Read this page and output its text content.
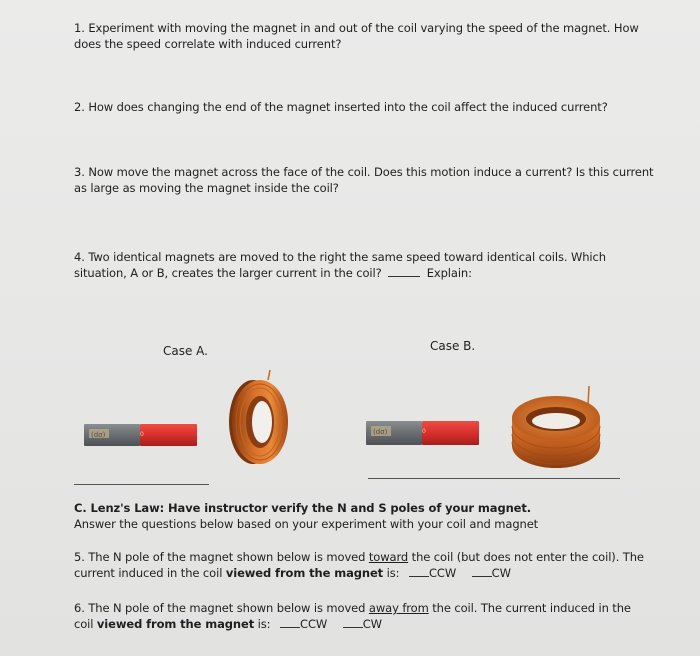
1. Experiment with moving the magnet in and out of the coil varying the speed of the magnet. How
does the speed correlate with induced current?
2. How does changing the end of the magnet inserted into the coil affect the induced current?
3. Now move the magnet across the face of the coil. Does this motion induce a current? Is this current
as large as moving the magnet inside the coil?
4. Two identical magnets are moved to the right the same speed toward identical coils. Which
situation, A or B, creates the larger current in the coil?	Explain:
Case A.	Case B.
(dσ)	0	(dσ)	0
C. Lenz's Law: Have instructor verify the N and S poles of your magnet.
Answer the questions below based on your experiment with your coil and magnet
5. The N pole of the magnet shown below is moved toward the coil (but does not enter the coil). The
current induced in the coil viewed from the magnet is:	CCW	CW
6. The N pole of the magnet shown below is moved away from the coil. The current induced in the
coil viewed from the magnet is:	CCW	CW
